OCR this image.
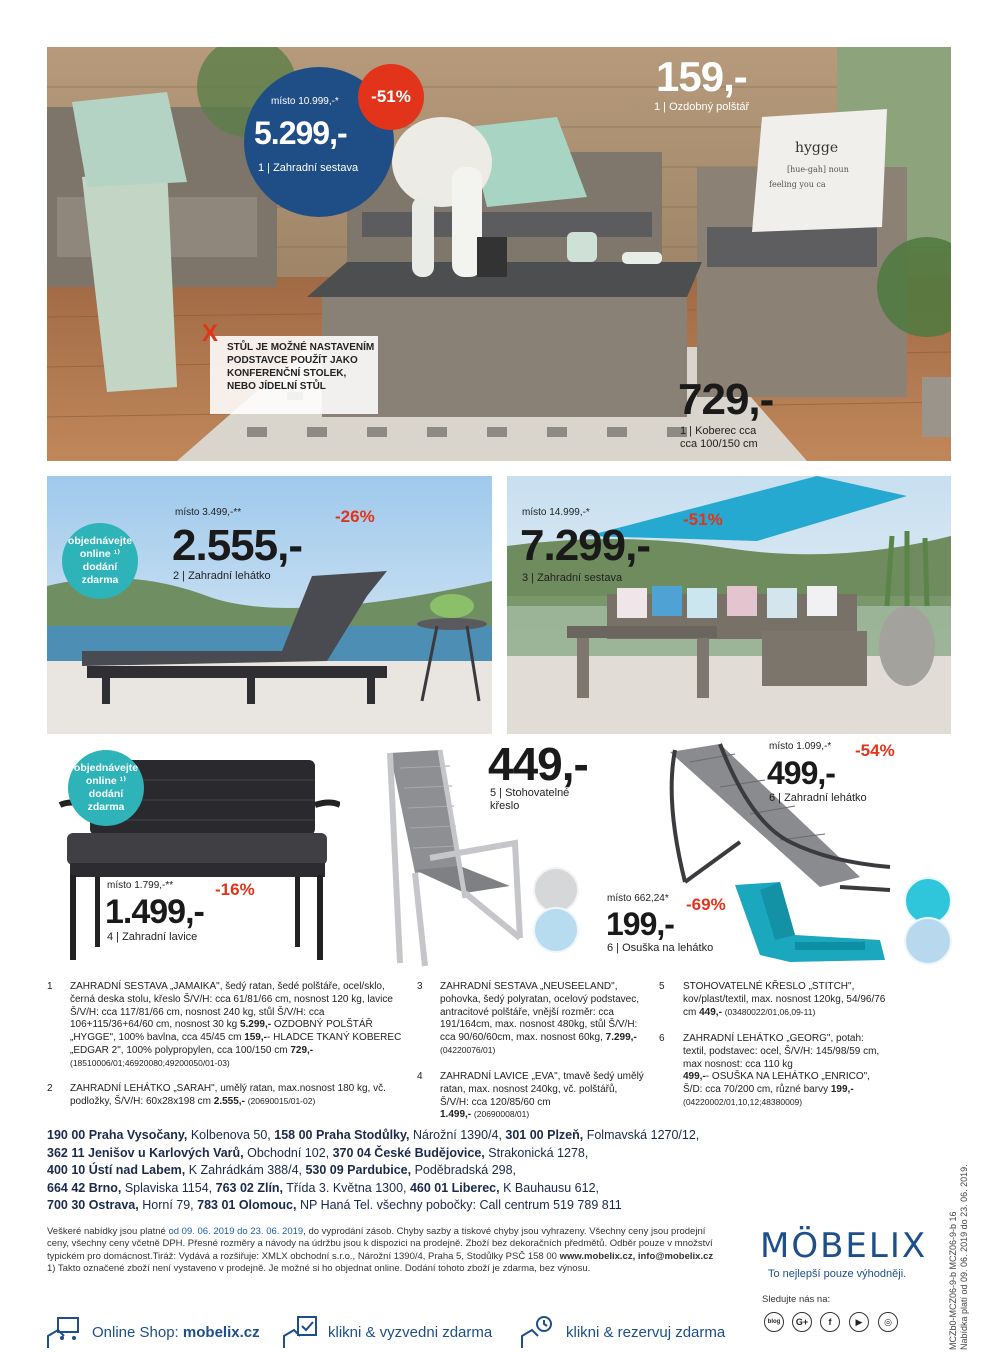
hygge
[hue-gah] noun
feeling you ca
místo 10.999,-*
5.299,-
1 | Zahradní sestava
-51%	159,-
1 | Ozdobný polštář
729,-
1 | Koberec cca
cca 100/150 cm
X
STŮL JE MOŽNÉ NASTAVENÍM PODSTAVCE POUŽÍT JAKO KONFERENČNÍ STOLEK, NEBO JÍDELNÍ STŮL
objednávejte
online ¹⁾
dodání
zdarma
místo 3.499,-**
2.555,-
-26%
2 | Zahradní lehátko
místo 14.999,-*
7.299,-
-51%
3 | Zahradní sestava
objednávejte
online ¹⁾
dodání
zdarma
místo 1.799,-**
1.499,-
-16%
4 | Zahradní lavice
449,-
5 | Stohovatelné
křeslo
místo 1.099,-*
499,-
-54%
6 | Zahradní lehátko
místo 662,24*
199,-
-69%
6 | Osuška na lehátko
1 ZAHRADNÍ SESTAVA „JAMAIKA", šedý ratan, šedé polštáře, ocel/sklo, černá deska stolu, křeslo Š/V/H: cca 61/81/66 cm, nosnost 120 kg, lavice Š/V/H: cca 117/81/66 cm, nosnost 240 kg, stůl Š/V/H: cca 106+115/36+64/60 cm, nosnost 30 kg 5.299,- OZDOBNÝ POLŠTÁŘ „HYGGE", 100% bavlna, cca 45/45 cm 159,-- HLADCE TKANÝ KOBEREC „EDGAR 2", 100% polypropylen, cca 100/150 cm 729,-
(18510006/01;46920080;49200050/01-03)
2 ZAHRADNÍ LEHÁTKO „SARAH", umělý ratan, max.nosnost 180 kg, vč. podložky, Š/V/H: 60x28x198 cm 2.555,- (20690015/01-02)
3 ZAHRADNÍ SESTAVA „NEUSEELAND", pohovka, šedý polyratan, ocelový podstavec, antracitové polštáře, vnější rozměr: cca 191/164cm, max. nosnost 480kg, stůl Š/V/H: cca 90/60/60cm, max. nosnost 60kg, 7.299,- (04220076/01)
4 ZAHRADNÍ LAVICE „EVA", tmavě šedý umělý ratan, max. nosnost 240kg, vč. polštářů, Š/V/H: cca 120/85/60 cm
1.499,- (20690008/01)
5 STOHOVATELNÉ KŘESLO „STITCH", kov/plast/textil, max. nosnost 120kg, 54/96/76 cm 449,- (03480022/01,06,09-11)
6 ZAHRADNÍ LEHÁTKO „GEORG", potah: textil, podstavec: ocel, Š/V/H: 145/98/59 cm, max nosnost: cca 110 kg
499,-- OSUŠKA NA LEHÁTKO „ENRICO", Š/D: cca 70/200 cm, různé barvy 199,-
(04220002/01,10,12;48380009)
190 00 Praha Vysočany, Kolbenova 50, 158 00 Praha Stodůlky, Nárožní 1390/4, 301 00 Plzeň, Folmavská 1270/12,
362 11 Jenišov u Karlových Varů, Obchodní 102, 370 04 České Budějovice, Strakonická 1278,
400 10 Ústí nad Labem, K Zahrádkám 388/4, 530 09 Pardubice, Poděbradská 298,
664 42 Brno, Splaviska 1154, 763 02 Zlín, Třída 3. Května 1300, 460 01 Liberec, K Bauhausu 612,
700 30 Ostrava, Horní 79, 783 01 Olomouc, NP Haná Tel. všechny pobočky: Call centrum 519 789 811
Veškeré nabídky jsou platné od 09. 06. 2019 do 23. 06. 2019, do vyprodání zásob. Chyby sazby a tiskové chyby jsou vyhrazeny. Všechny ceny jsou prodejní ceny, všechny ceny včetně DPH. Přesné rozměry a návody na údržbu jsou k dispozici na prodejně. Zboží bez dekoračních předmětů. Odběr pouze v množství typickém pro domácnost.Tiráž: Vydává a rozšiřuje: XMLX obchodní s.r.o., Nárožní 1390/4, Praha 5, Stodůlky PSČ 158 00 www.mobelix.cz, info@mobelix.cz
1) Takto označené zboží není vystaveno v prodejně. Je možné si ho objednat online. Dodání tohoto zboží je zdarma, bez výnosu.
MÖBELIX
To nejlepší pouze výhodněji.
Sledujte nás na:
blog	G+	f	▶	◎
Online Shop:
mobelix.cz	klikni & vyzvedni zdarma	klikni & rezervuj zdarma	MCZb0-MCZ06-9-b MCZ06-9-b 16 Nabídka platí od 09. 06. 2019 do 23. 06. 2019.
